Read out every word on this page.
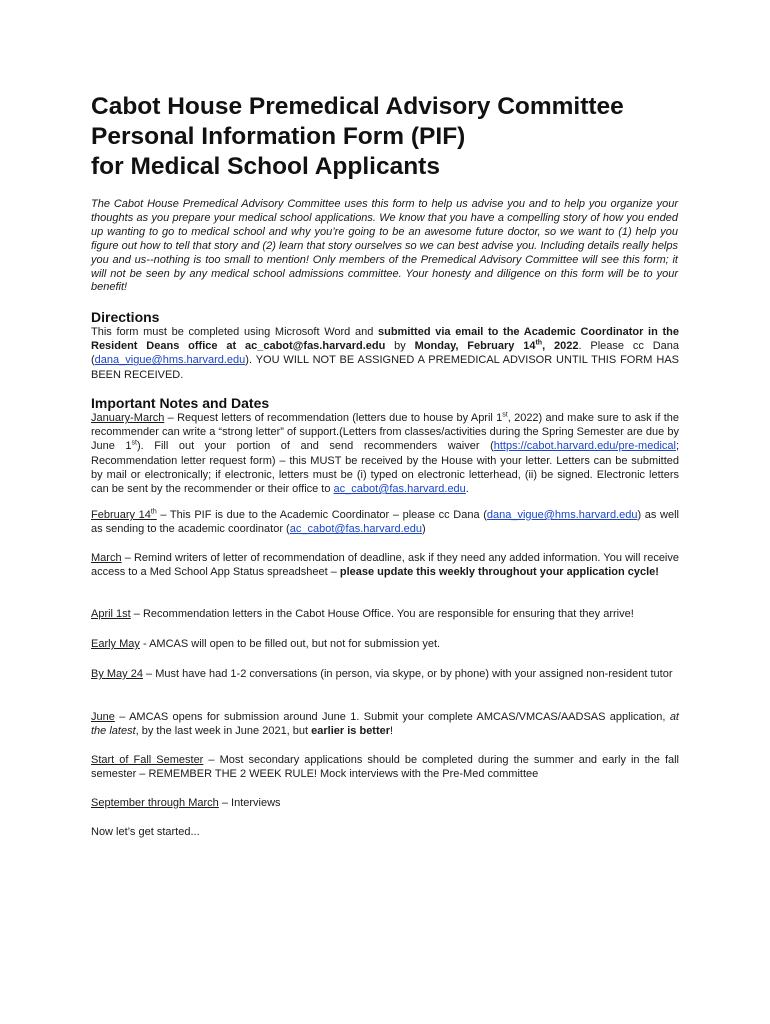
Cabot House Premedical Advisory Committee
Personal Information Form (PIF)
for Medical School Applicants

The Cabot House Premedical Advisory Committee uses this form to help us advise you and to help you organize your thoughts as you prepare your medical school applications. We know that you have a compelling story of how you ended up wanting to go to medical school and why you’re going to be an awesome future doctor, so we want to (1) help you figure out how to tell that story and (2) learn that story ourselves so we can best advise you. Including details really helps you and us--nothing is too small to mention! Only members of the Premedical Advisory Committee will see this form; it will not be seen by any medical school admissions committee. Your honesty and diligence on this form will be to your benefit!

Directions

This form must be completed using Microsoft Word and submitted via email to the Academic Coordinator in the Resident Deans office at ac_cabot@fas.harvard.edu by Monday, February 14th, 2022. Please cc Dana (dana_vigue@hms.harvard.edu). YOU WILL NOT BE ASSIGNED A PREMEDICAL ADVISOR UNTIL THIS FORM HAS BEEN RECEIVED.

Important Notes and Dates

January-March – Request letters of recommendation (letters due to house by April 1st, 2022) and make sure to ask if the recommender can write a “strong letter” of support.(Letters from classes/activities during the Spring Semester are due by June 1st). Fill out your portion of and send recommenders waiver (https://cabot.harvard.edu/pre-medical; Recommendation letter request form) – this MUST be received by the House with your letter. Letters can be submitted by mail or electronically; if electronic, letters must be (i) typed on electronic letterhead, (ii) be signed. Electronic letters can be sent by the recommender or their office to ac_cabot@fas.harvard.edu.

February 14th – This PIF is due to the Academic Coordinator – please cc Dana (dana_vigue@hms.harvard.edu) as well as sending to the academic coordinator (ac_cabot@fas.harvard.edu)

March – Remind writers of letter of recommendation of deadline, ask if they need any added information. You will receive access to a Med School App Status spreadsheet – please update this weekly throughout your application cycle!

April 1st – Recommendation letters in the Cabot House Office. You are responsible for ensuring that they arrive!

Early May - AMCAS will open to be filled out, but not for submission yet.

By May 24 – Must have had 1-2 conversations (in person, via skype, or by phone) with your assigned non-resident tutor

June – AMCAS opens for submission around June 1. Submit your complete AMCAS/VMCAS/AADSAS application, at the latest, by the last week in June 2021, but earlier is better!

Start of Fall Semester – Most secondary applications should be completed during the summer and early in the fall semester – REMEMBER THE 2 WEEK RULE! Mock interviews with the Pre-Med committee

September through March – Interviews

Now let’s get started...
